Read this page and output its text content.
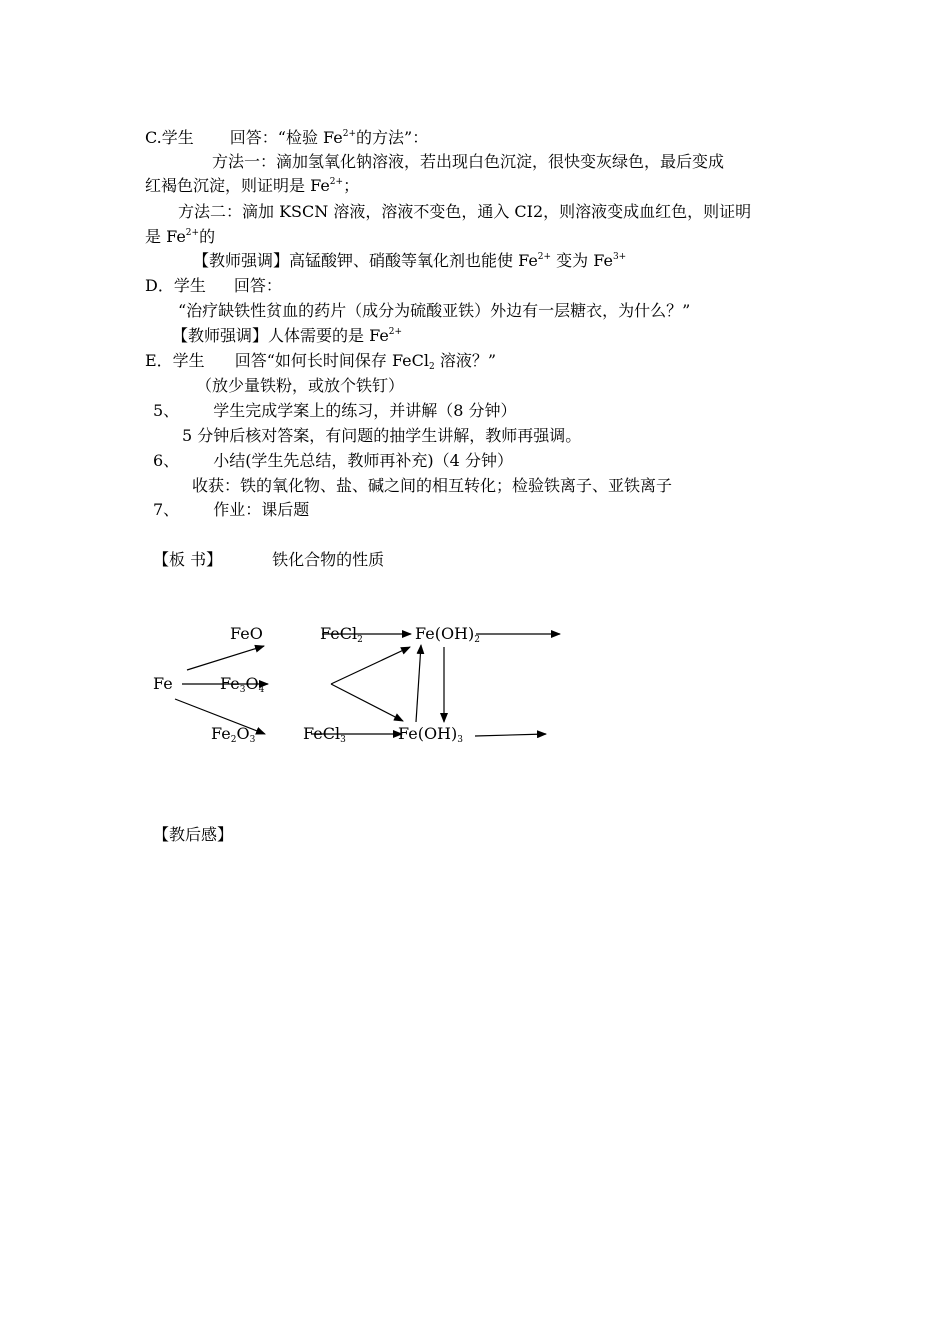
C.学生 回答：“检验 $Fe^{2+}$的方法”：
方法一：滴加氢氧化钠溶液，若出现白色沉淀，很快变灰绿色，最后变成
红褐色沉淀，则证明是 $Fe^{2+}$；
方法二：滴加 KSCN 溶液，溶液不变色，通入 CI2，则溶液变成血红色，则证明
是 $Fe^{2+}$的
【教师强调】高锰酸钾、硝酸等氧化剂也能使 $Fe^{2+}$ 变为 $Fe^{3+}$
D．学生 回答：
“治疗缺铁性贫血的药片（成分为硫酸亚铁）外边有一层糖衣，为什么？”
【教师强调】人体需要的是 $Fe^{2+}$
E．学生 回答“如何长时间保存 FeCl$_2$ 溶液？”
（放少量铁粉，或放个铁钉）
5、 学生完成学案上的练习，并讲解（8 分钟）
5 分钟后核对答案，有问题的抽学生讲解，教师再强调。
6、 小结(学生先总结，教师再补充)（4 分钟）
收获：铁的氧化物、盐、碱之间的相互转化；检验铁离子、亚铁离子
7、 作业：课后题
【板 书】	铁化合物的性质
Fe
FeO
$Fe_3O_4$
$Fe_2O_3$
FeCl$_2$
FeCl$_3$
$Fe(OH)_2$
$Fe(OH)_3$
【教后感】
